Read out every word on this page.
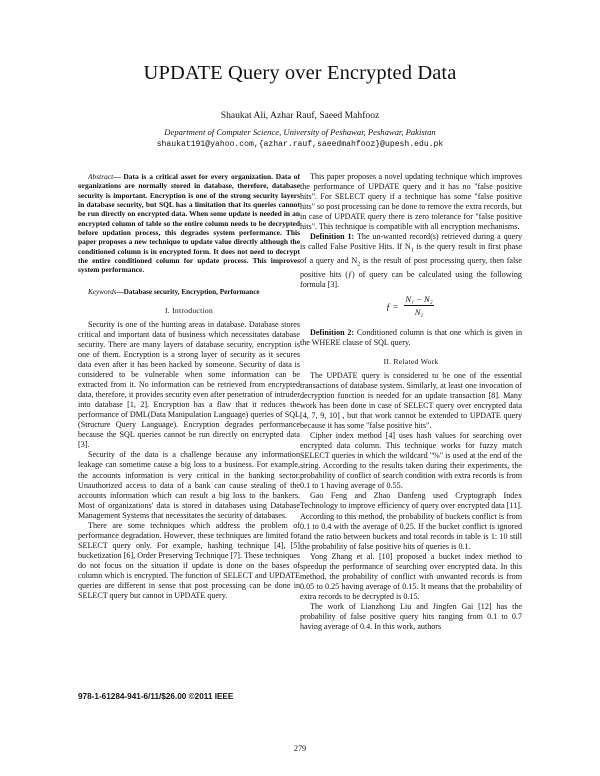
UPDATE Query over Encrypted Data
Shaukat Ali, Azhar Rauf, Saeed Mahfooz
Department of Computer Science, University of Peshawar, Peshawar, Pakistan
shaukat191@yahoo.com,{azhar.rauf,saeedmahfooz}@upesh.edu.pk

Abstract— Data is a critical asset for every organization. Data of organizations are normally stored in database, therefore, database security is important. Encryption is one of the strong security layers in database security, but SQL has a limitation that its queries cannot be run directly on encrypted data. When some update is needed in an encrypted column of table so the entire column needs to be decrypted before updation process, this degrades system performance. This paper proposes a new technique to update value directly although the conditioned column is in encrypted form. It does not need to decrypt the entire conditioned column for update process. This improves system performance.

Keywords—Database security, Encryption, Performance

I. Introduction

Security is one of the hunting areas in database. Database stores critical and important data of business which necessitates database security. There are many layers of database security, encryption is one of them. Encryption is a strong layer of security as it secures data even after it has been hacked by someone. Security of data is considered to be vulnerable when some information can be extracted from it. No information can be retrieved from encrypted data, therefore, it provides security even after penetration of intruder into database [1, 2]. Encryption has a flaw that it reduces the performance of DML(Data Manipulation Language) queries of SQL (Structure Query Language). Encryption degrades performance because the SQL queries cannot be run directly on encrypted data [3].

Security of the data is a challenge because any information leakage can sometime cause a big loss to a business. For example, the accounts information is very critical in the banking sector. Unauthorized access to data of a bank can cause stealing of the accounts information which can result a big loss to the bankers. Most of organizations' data is stored in databases using Database Management Systems that necessitates the security of databases.

There are some techniques which address the problem of performance degradation. However, these techniques are limited for SELECT query only. For example, hashing technique [4], [5] bucketization [6], Order Preserving Technique [7]. These techniques do not focus on the situation if update is done on the bases of column which is encrypted. The function of SELECT and UPDATE queries are different in sense that post processing can be done in SELECT query but cannot in UPDATE query.

This paper proposes a novel updating technique which improves the performance of UPDATE query and it has no "false positive hits". For SELECT query if a technique has some "false positive hits" so post processing can be done to remove the extra records, but in case of UPDATE query there is zero tolerance for "false positive hits". This technique is compatible with all encryption mechanisms.

Definition 1: The un-wanted record(s) retrieved during a query is called False Positive Hits. If $N_1$ is the query result in first phase of a query and $N_2$ is the result of post processing query, then false positive hits (ƒ) of query can be calculated using the following formula [3].

ƒ = $\frac{\text{N₁ − N₂}}{\text{N₂}}$

Definition 2: Conditioned column is that one which is given in the WHERE clause of SQL query.

II. Related Work

The UPDATE query is considered to be one of the essential transactions of database system. Similarly, at least one invocation of decryption function is needed for an update transaction [8]. Many work has been done in case of SELECT query over encrypted data [4, 7, 9, 10] , but that work cannot be extended to UPDATE query because it has some "false positive hits".

Cipher index method [4] uses hash values for searching over encrypted data column. This technique works for fuzzy match SELECT queries in which the wildcard "%" is used at the end of the string. According to the results taken during their experiments, the probability of conflict of search condition with extra records is from 0.1 to 1 having average of 0.55.

Gao Feng and Zhao Danfeng used Cryptograph Index Technology to improve efficiency of query over encrypted data [11]. According to this method, the probability of buckets conflict is from 0.1 to 0.4 with the average of 0.25. If the bucket conflict is ignored and the ratio between buckets and total records in table is 1: 10 still the probability of false positive hits of queries is 0.1.

Yong Zhang et al. [10] proposed a bucket index method to speedup the performance of searching over encrypted data. In this method, the probability of conflict with unwanted records is from 0.05 to 0.25 having average of 0.15. It means that the probability of extra records to be decrypted is 0.15.

The work of Lianzhong Liu and Jingfen Gai [12] has the probability of false positive query hits ranging from 0.1 to 0.7 having average of 0.4. In this work, authors

978-1-61284-941-6/11/$26.00 ©2011 IEEE
279
